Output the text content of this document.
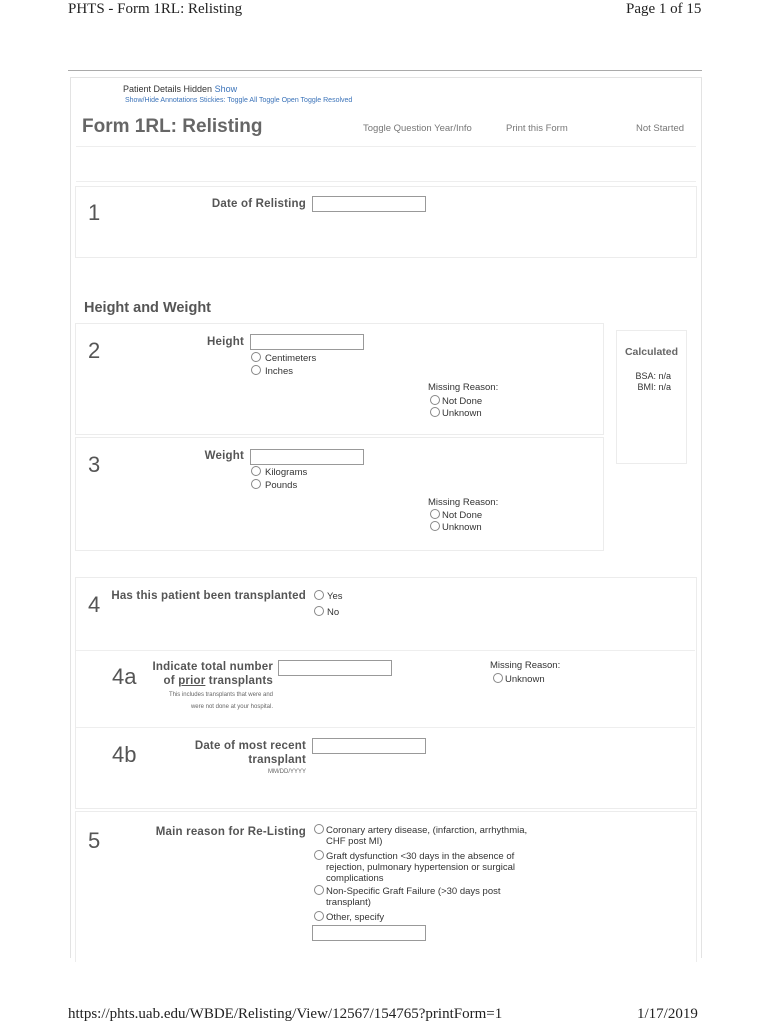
PHTS - Form 1RL: Relisting	Page 1 of 15
Patient Details Hidden Show
Show/Hide Annotations Stickies: Toggle All Toggle Open Toggle Resolved
Form 1RL: Relisting	Toggle Question Year/Info	Print this Form	Not Started
1	Date of Relisting
Height and Weight
2	Height
Centimeters
Inches
Missing Reason:
Not Done
Unknown
Calculated
BSA: n/a
BMI: n/a
3	Weight
Kilograms
Pounds
Missing Reason:
Not Done
Unknown
4 Has this patient been transplanted	Yes
No
4a	Indicate total number
of prior transplants
This includes transplants that were and
were not done at your hospital.
Missing Reason:
Unknown
4b	Date of most recent
transplant
MM/DD/YYYY
5	Main reason for Re-Listing	Coronary artery disease, (infarction, arrhythmia,
CHF post MI)
Graft dysfunction <30 days in the absence of
rejection, pulmonary hypertension or surgical
complications
Non-Specific Graft Failure (>30 days post
transplant)
Other, specify
https://phts.uab.edu/WBDE/Relisting/View/12567/154765?printForm=1	1/17/2019
